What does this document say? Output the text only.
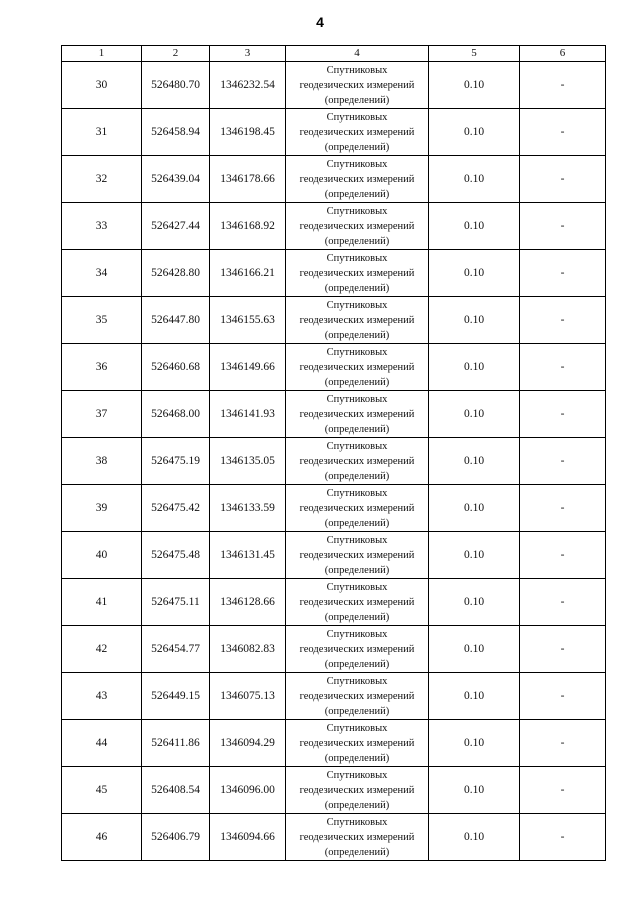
4
1	2	3	4	5	6
30	526480.70	1346232.54	Спутниковых
геодезических измерений
(определений)	0.10	-
31	526458.94	1346198.45	Спутниковых
геодезических измерений
(определений)	0.10	-
32	526439.04	1346178.66	Спутниковых
геодезических измерений
(определений)	0.10	-
33	526427.44	1346168.92	Спутниковых
геодезических измерений
(определений)	0.10	-
34	526428.80	1346166.21	Спутниковых
геодезических измерений
(определений)	0.10	-
35	526447.80	1346155.63	Спутниковых
геодезических измерений
(определений)	0.10	-
36	526460.68	1346149.66	Спутниковых
геодезических измерений
(определений)	0.10	-
37	526468.00	1346141.93	Спутниковых
геодезических измерений
(определений)	0.10	-
38	526475.19	1346135.05	Спутниковых
геодезических измерений
(определений)	0.10	-
39	526475.42	1346133.59	Спутниковых
геодезических измерений
(определений)	0.10	-
40	526475.48	1346131.45	Спутниковых
геодезических измерений
(определений)	0.10	-
41	526475.11	1346128.66	Спутниковых
геодезических измерений
(определений)	0.10	-
42	526454.77	1346082.83	Спутниковых
геодезических измерений
(определений)	0.10	-
43	526449.15	1346075.13	Спутниковых
геодезических измерений
(определений)	0.10	-
44	526411.86	1346094.29	Спутниковых
геодезических измерений
(определений)	0.10	-
45	526408.54	1346096.00	Спутниковых
геодезических измерений
(определений)	0.10	-
46	526406.79	1346094.66	Спутниковых
геодезических измерений
(определений)	0.10	-
